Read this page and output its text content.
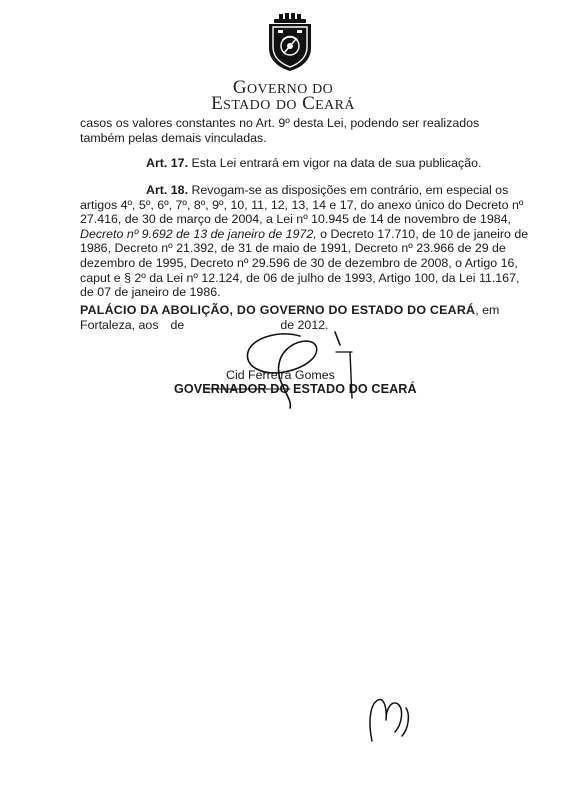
GOVERNO DO
ESTADO DO CEARÁ
casos os valores constantes no Art. 9º desta Lei, podendo ser realizados também pelas demais vinculadas.
Art. 17. Esta Lei entrará em vigor na data de sua publicação.
Art. 18. Revogam-se as disposições em contrário, em especial os
artigos 4º, 5º, 6º, 7º, 8º, 9º, 10, 11, 12, 13, 14 e 17, do anexo único do Decreto nº
27.416, de 30 de março de 2004, a Lei nº 10.945 de 14 de novembro de 1984,
Decreto nº 9.692 de 13 de janeiro de 1972, o Decreto 17.710, de 10 de janeiro de
1986, Decreto nº 21.392, de 31 de maio de 1991, Decreto nº 23.966 de 29 de
dezembro de 1995, Decreto nº 29.596 de 30 de dezembro de 2008, o Artigo 16,
caput e § 2º da Lei nº 12.124, de 06 de julho de 1993, Artigo 100, da Lei 11.167,
de 07 de janeiro de 1986.
PALÁCIO DA ABOLIÇÃO, DO GOVERNO DO ESTADO DO CEARÁ , em
Fortaleza, aos de	de 2012.
Cid Ferreira Gomes
GOVERNADOR DO ESTADO DO CEARÁ
